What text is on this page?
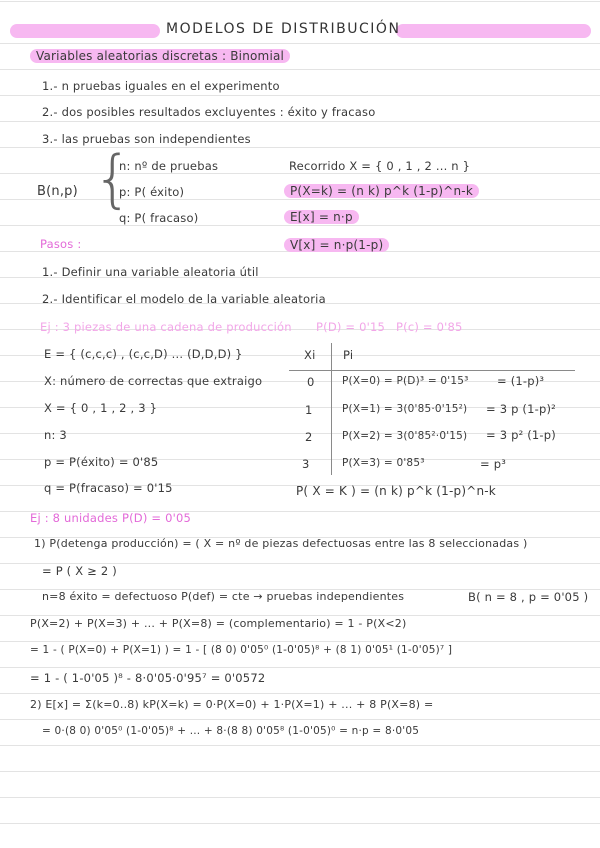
MODELOS DE DISTRIBUCIÓN
Variables aleatorias discretas : Binomial
1.- n pruebas iguales en el experimento
2.- dos posibles resultados excluyentes : éxito y fracaso
3.- las pruebas son independientes
B(n,p) {
n: nº de pruebas
p: P( éxito)
q: P( fracaso)
Recorrido X = { 0 , 1 , 2 ... n }
P(X=k) = (n k) p^k (1-p)^n-k
E[x] = n·p
V[x] = n·p(1-p)
Pasos :
1.- Definir una variable aleatoria útil
2.- Identificar el modelo de la variable aleatoria
Ej : 3 piezas de una cadena de producción P(D) = 0'15 P(c) = 0'85
E = { (c,c,c) , (c,c,D) ... (D,D,D) }
X: número de correctas que extraigo
X = { 0 , 1 , 2 , 3 }
n: 3
p = P(éxito) = 0'85
q = P(fracaso) = 0'15
Xi Pi
0	P(X=0) = P(D)³ = 0'15³ = (1-p)³
1	P(X=1) = 3(0'85·0'15²) = 3 p (1-p)²
2	P(X=2) = 3(0'85²·0'15) = 3 p² (1-p)
3	P(X=3) = 0'85³	= p³
P( X = K ) = (n k) p^k (1-p)^n-k
Ej : 8 unidades P(D) = 0'05
1) P(detenga producción) = ( X = nº de piezas defectuosas entre las 8 seleccionadas )
= P ( X ≥ 2 )
n=8 éxito = defectuoso P(def) = cte → pruebas independientes	B( n = 8 , p = 0'05 )
P(X=2) + P(X=3) + ... + P(X=8) = (complementario) = 1 - P(X<2)
= 1 - ( P(X=0) + P(X=1) ) = 1 - [ (8 0) 0'05⁰ (1-0'05)⁸ + (8 1) 0'05¹ (1-0'05)⁷ ]
= 1 - ( 1-0'05 )⁸ - 8·0'05·0'95⁷ = 0'0572
2) E[x] = Σ(k=0..8) kP(X=k) = 0·P(X=0) + 1·P(X=1) + ... + 8 P(X=8) =
= 0·(8 0) 0'05⁰ (1-0'05)⁸ + ... + 8·(8 8) 0'05⁸ (1-0'05)⁰ = n·p = 8·0'05
